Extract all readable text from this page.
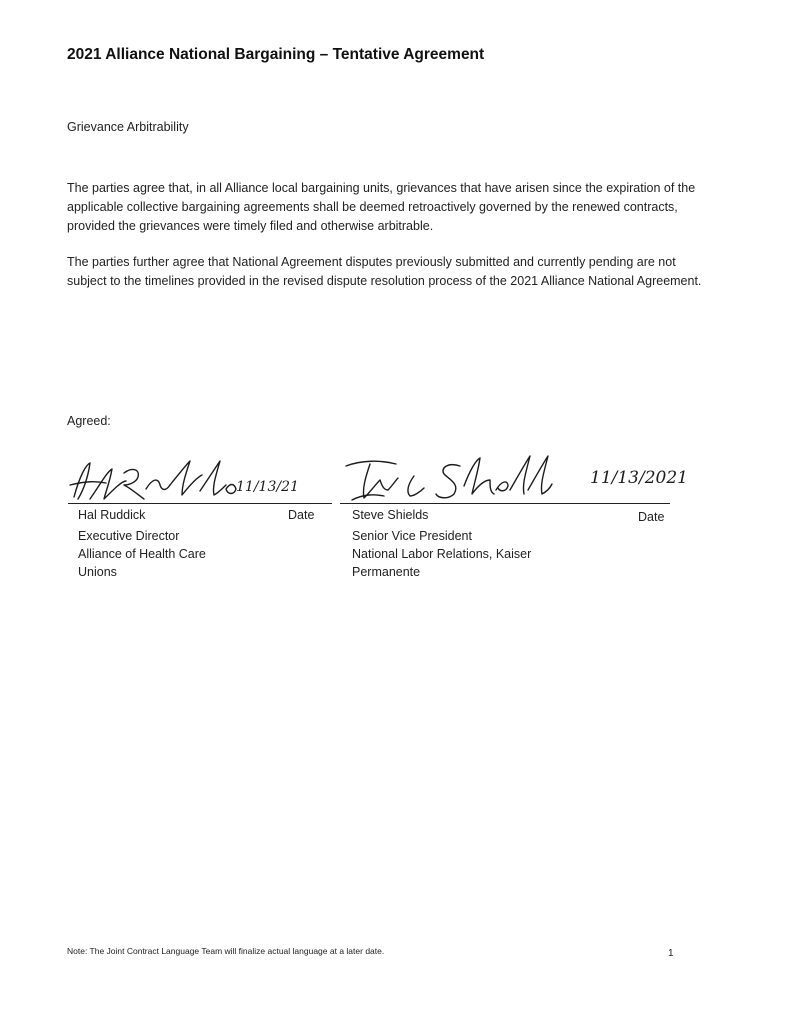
2021 Alliance National Bargaining – Tentative Agreement
Grievance Arbitrability

The parties agree that, in all Alliance local bargaining units, grievances that have arisen since the expiration of the applicable collective bargaining agreements shall be deemed retroactively governed by the renewed contracts, provided the grievances were timely filed and otherwise arbitrable.

The parties further agree that National Agreement disputes previously submitted and currently pending are not subject to the timelines provided in the revised dispute resolution process of the 2021 Alliance National Agreement.

Agreed:
11/13/21
Hal Ruddick	Date
Executive Director
Alliance of Health Care
Unions
11/13/2021
Steve Shields	Date
Senior Vice President
National Labor Relations, Kaiser
Permanente
Note: The Joint Contract Language Team will finalize actual language at a later date.	1
